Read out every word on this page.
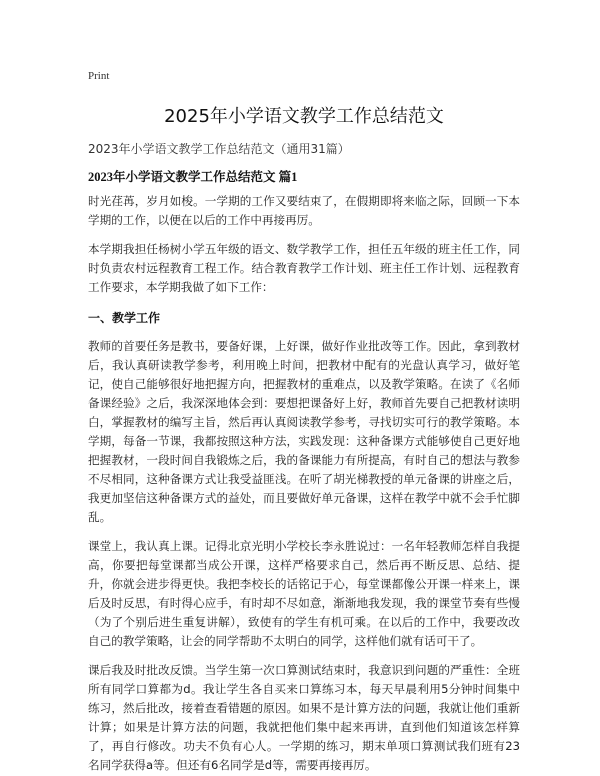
Print

2025年小学语文教学工作总结范文

2023年小学语文教学工作总结范文（通用31篇）

2023年小学语文教学工作总结范文 篇1

时光荏苒，岁月如梭。一学期的工作又要结束了，在假期即将来临之际，回顾一下本学期的工作，以便在以后的工作中再接再厉。

本学期我担任杨树小学五年级的语文、数学教学工作，担任五年级的班主任工作，同时负责农村远程教育工程工作。结合教育教学工作计划、班主任工作计划、远程教育工作要求，本学期我做了如下工作：

一、教学工作

教师的首要任务是教书，要备好课，上好课，做好作业批改等工作。因此，拿到教材后，我认真研读教学参考，利用晚上时间，把教材中配有的光盘认真学习，做好笔记，使自己能够很好地把握方向，把握教材的重难点，以及教学策略。在读了《名师备课经验》之后，我深深地体会到：要想把课备好上好，教师首先要自己把教材读明白，掌握教材的编写主旨，然后再认真阅读教学参考，寻找切实可行的教学策略。本学期，每备一节课，我都按照这种方法，实践发现：这种备课方式能够使自己更好地把握教材，一段时间自我锻炼之后，我的备课能力有所提高，有时自己的想法与教参不尽相同，这种备课方式让我受益匪浅。在听了胡光梯教授的单元备课的讲座之后，我更加坚信这种备课方式的益处，而且要做好单元备课，这样在教学中就不会手忙脚乱。

课堂上，我认真上课。记得北京光明小学校长李永胜说过：一名年轻教师怎样自我提高，你要把每堂课都当成公开课，这样严格要求自己，然后再不断反思、总结、提升，你就会进步得更快。我把李校长的话铭记于心，每堂课都像公开课一样来上，课后及时反思，有时得心应手，有时却不尽如意，渐渐地我发现，我的课堂节奏有些慢（为了个别后进生重复讲解），致使有的学生有机可乘。在以后的工作中，我要改改自己的教学策略，让会的同学帮助不太明白的同学，这样他们就有话可干了。

课后我及时批改反馈。当学生第一次口算测试结束时，我意识到问题的严重性：全班所有同学口算都为d。我让学生各自买来口算练习本，每天早晨利用5分钟时间集中练习，然后批改，接着查看错题的原因。如果不是计算方法的问题，我就让他们重新计算；如果是计算方法的问题，我就把他们集中起来再讲，直到他们知道该怎样算了，再自行修改。功夫不负有心人。一学期的练习，期末单项口算测试我们班有23名同学获得a等。但还有6名同学是d等，需要再接再厉。
